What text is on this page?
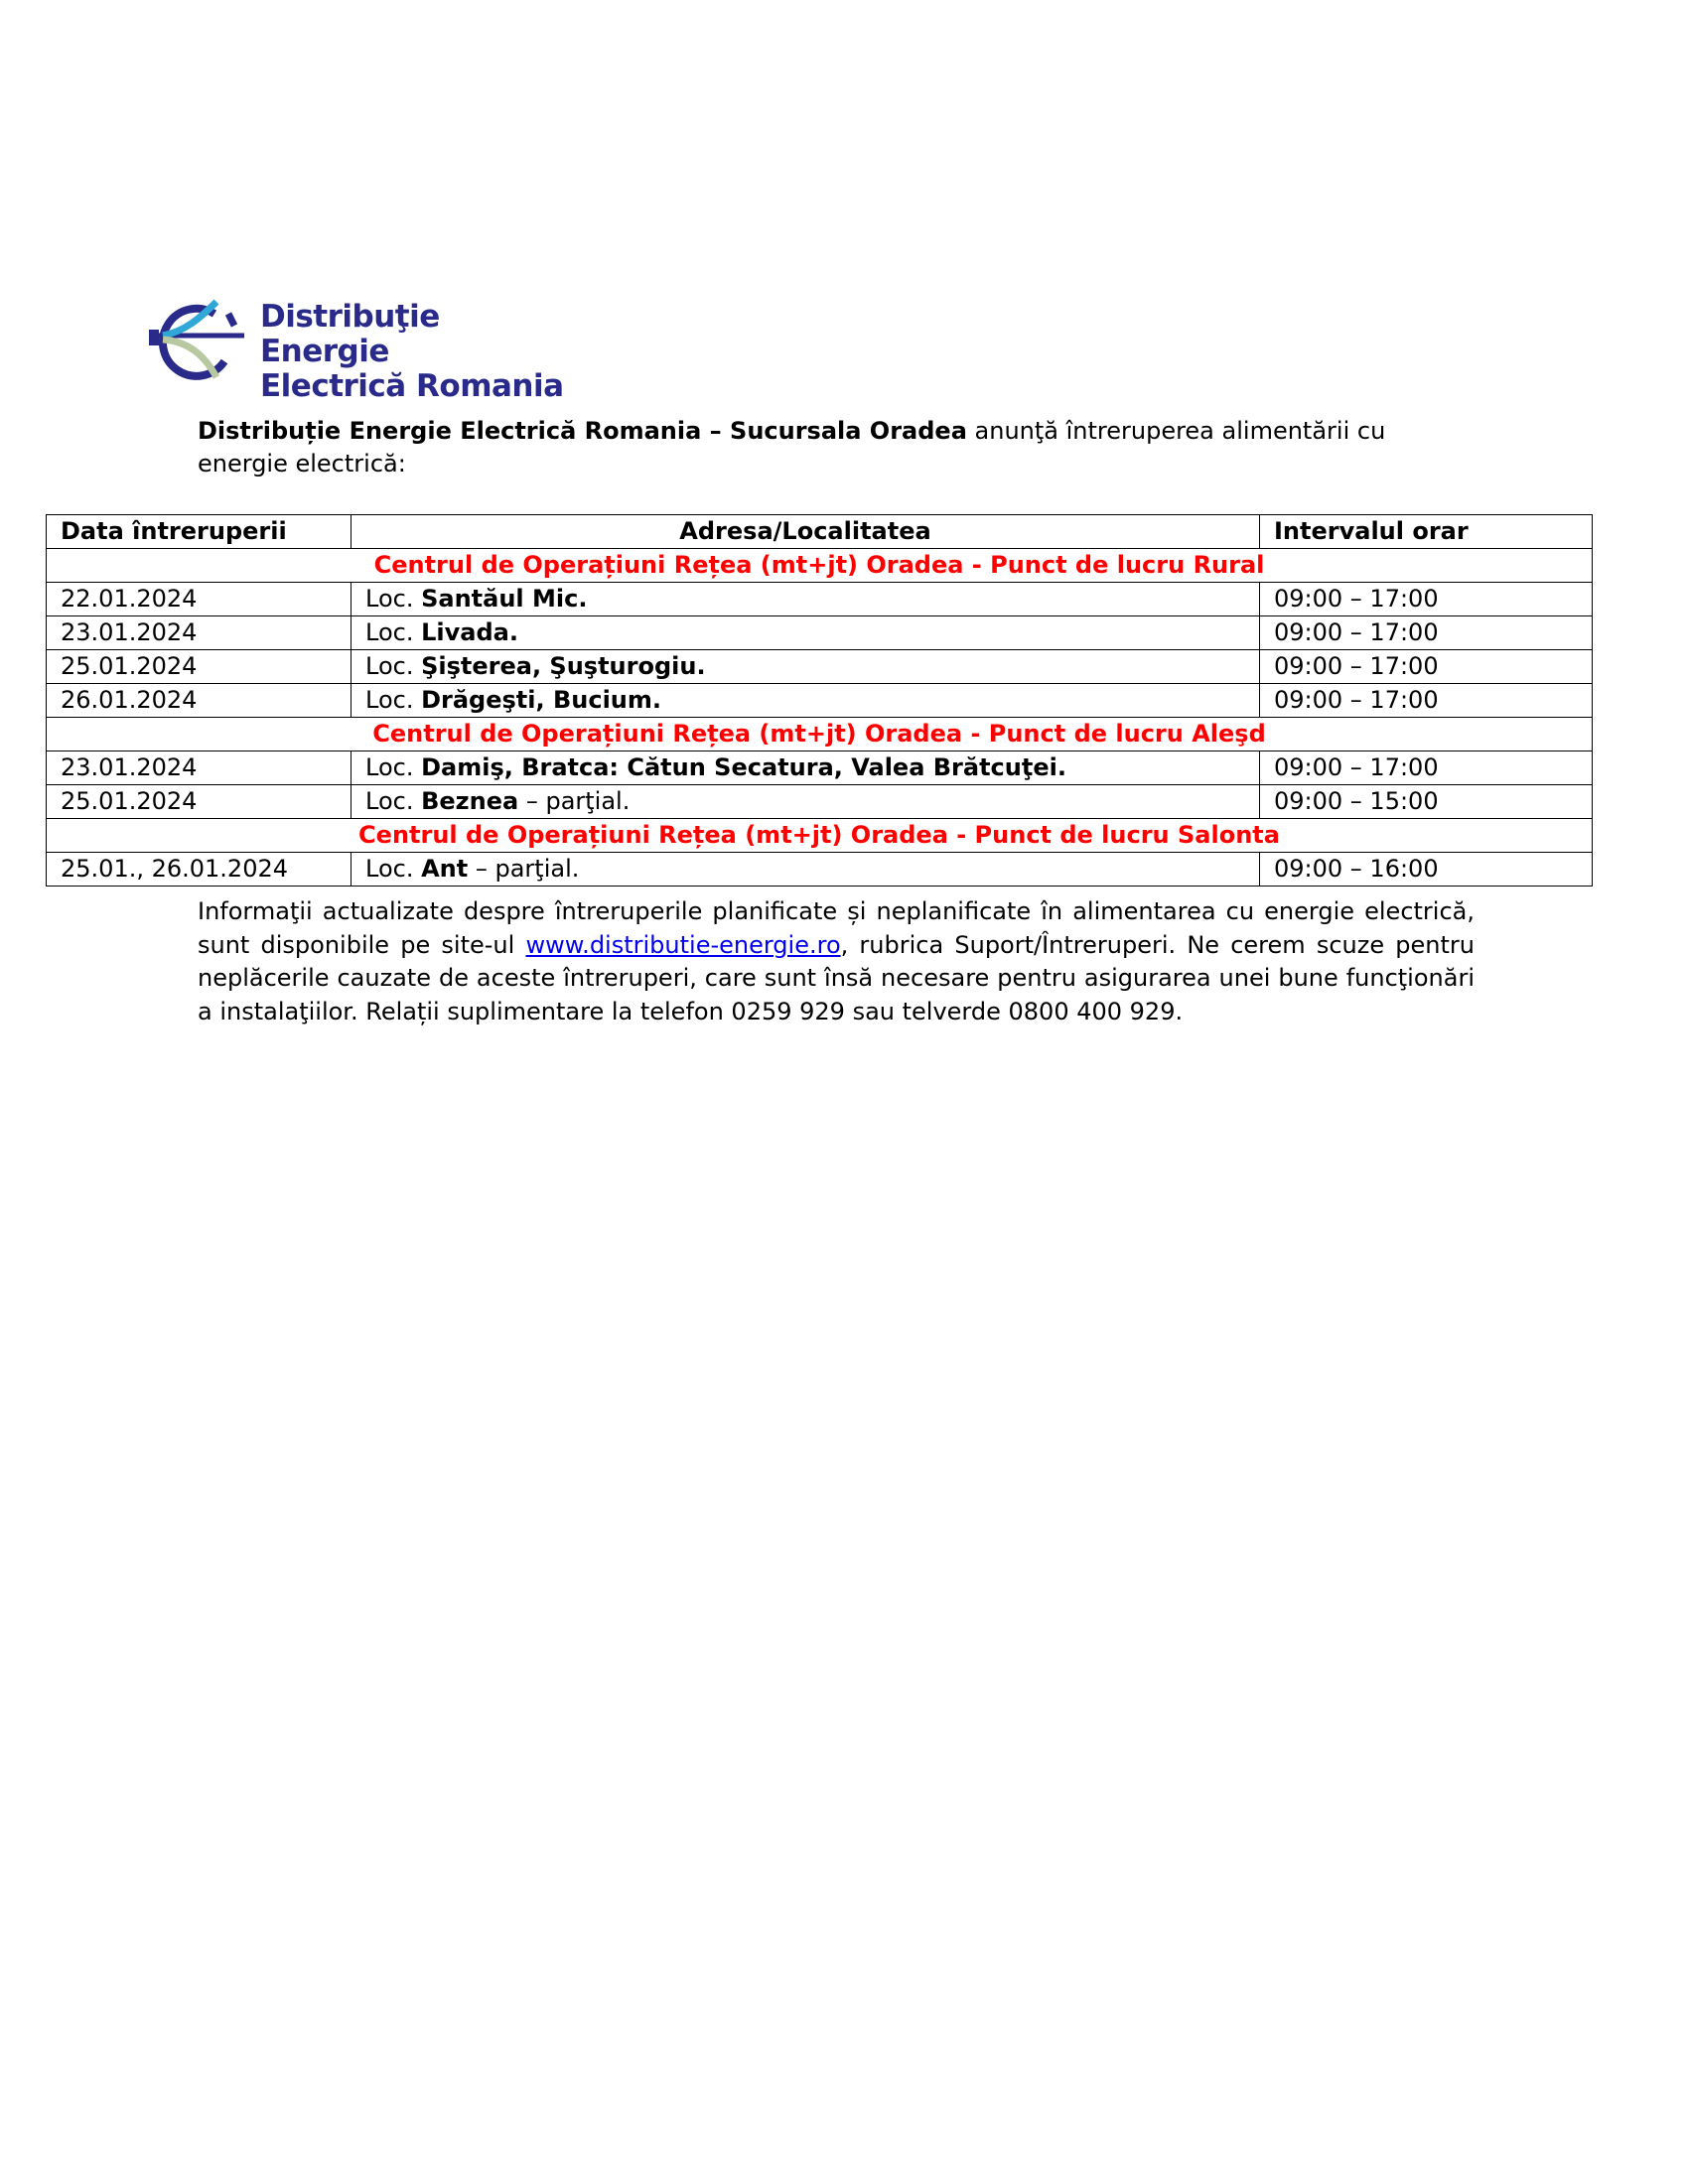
Distribuţie Energie
Electrică Romania
Distribuție Energie Electrică Romania – Sucursala Oradea anunţă întreruperea alimentării cu energie electrică:
Data întreruperii	Adresa/Localitatea	Intervalul orar
Centrul de Operațiuni Rețea (mt+jt) Oradea - Punct de lucru Rural		
22.01.2024	Loc. Santăul Mic.	09:00 – 17:00
23.01.2024	Loc. Livada.	09:00 – 17:00
25.01.2024	Loc. Şişterea, Şuşturogiu.	09:00 – 17:00
26.01.2024	Loc. Drăgeşti, Bucium.	09:00 – 17:00
Centrul de Operațiuni Rețea (mt+jt) Oradea - Punct de lucru Aleşd		
23.01.2024	Loc. Damiş, Bratca: Cătun Secatura, Valea Brătcuţei.	09:00 – 17:00
25.01.2024	Loc. Beznea – parţial.	09:00 – 15:00
Centrul de Operațiuni Rețea (mt+jt) Oradea - Punct de lucru Salonta		
25.01., 26.01.2024	Loc. Ant – parţial.	09:00 – 16:00
Informaţii actualizate despre întreruperile planificate și neplanificate în alimentarea cu energie electrică, sunt disponibile pe site-ul www.distributie-energie.ro, rubrica Suport/Întreruperi. Ne cerem scuze pentru neplăcerile cauzate de aceste întreruperi, care sunt însă necesare pentru asigurarea unei bune funcţionări a instalaţiilor. Relații suplimentare la telefon 0259 929 sau telverde 0800 400 929.
